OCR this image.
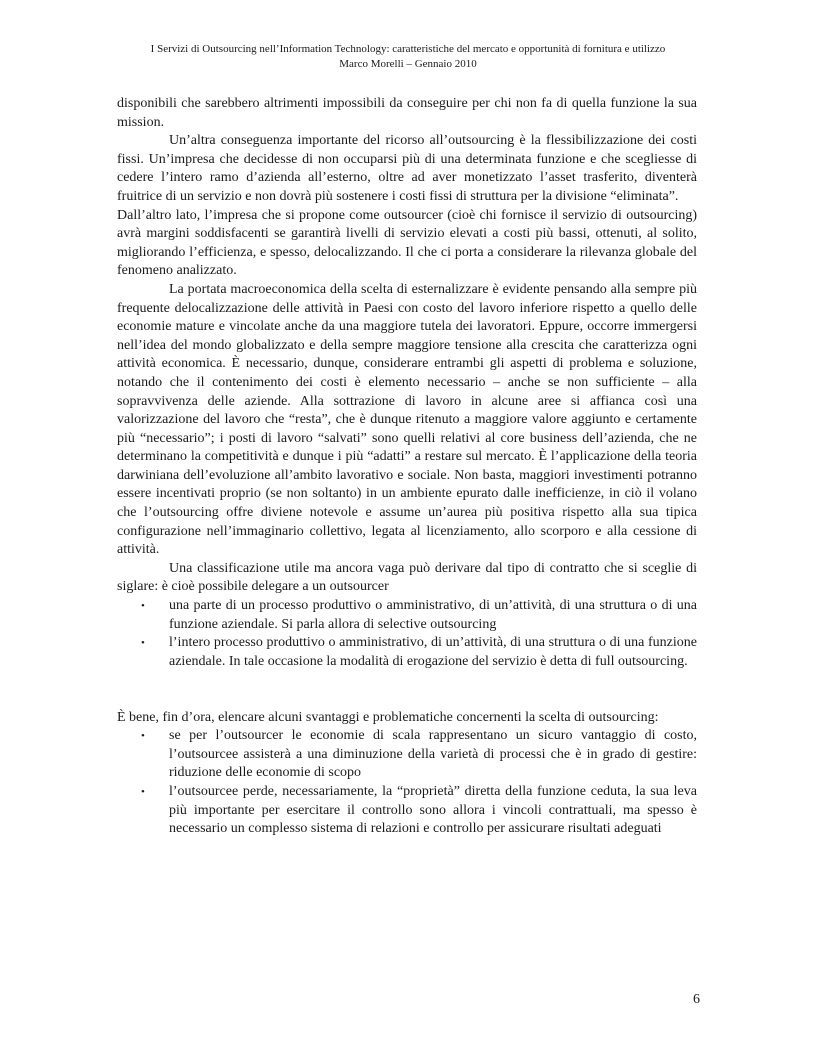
I Servizi di Outsourcing nell’Information Technology: caratteristiche del mercato e opportunità di fornitura e utilizzo
Marco Morelli – Gennaio 2010

disponibili che sarebbero altrimenti impossibili da conseguire per chi non fa di quella funzione la sua mission.

Un’altra conseguenza importante del ricorso all’outsourcing è la flessibilizzazione dei costi fissi. Un’impresa che decidesse di non occuparsi più di una determinata funzione e che scegliesse di cedere l’intero ramo d’azienda all’esterno, oltre ad aver monetizzato l’asset trasferito, diventerà fruitrice di un servizio e non dovrà più sostenere i costi fissi di struttura per la divisione “eliminata”.

Dall’altro lato, l’impresa che si propone come outsourcer (cioè chi fornisce il servizio di outsourcing) avrà margini soddisfacenti se garantirà livelli di servizio elevati a costi più bassi, ottenuti, al solito, migliorando l’efficienza, e spesso, delocalizzando. Il che ci porta a considerare la rilevanza globale del fenomeno analizzato.

La portata macroeconomica della scelta di esternalizzare è evidente pensando alla sempre più frequente delocalizzazione delle attività in Paesi con costo del lavoro inferiore rispetto a quello delle economie mature e vincolate anche da una maggiore tutela dei lavoratori. Eppure, occorre immergersi nell’idea del mondo globalizzato e della sempre maggiore tensione alla crescita che caratterizza ogni attività economica. È necessario, dunque, considerare entrambi gli aspetti di problema e soluzione, notando che il contenimento dei costi è elemento necessario – anche se non sufficiente – alla sopravvivenza delle aziende. Alla sottrazione di lavoro in alcune aree si affianca così una valorizzazione del lavoro che “resta”, che è dunque ritenuto a maggiore valore aggiunto e certamente più “necessario”; i posti di lavoro “salvati” sono quelli relativi al core business dell’azienda, che ne determinano la competitività e dunque i più “adatti” a restare sul mercato. È l’applicazione della teoria darwiniana dell’evoluzione all’ambito lavorativo e sociale. Non basta, maggiori investimenti potranno essere incentivati proprio (se non soltanto) in un ambiente epurato dalle inefficienze, in ciò il volano che l’outsourcing offre diviene notevole e assume un’aurea più positiva rispetto alla sua tipica configurazione nell’immaginario collettivo, legata al licenziamento, allo scorporo e alla cessione di attività.

Una classificazione utile ma ancora vaga può derivare dal tipo di contratto che si sceglie di siglare: è cioè possibile delegare a un outsourcer

• una parte di un processo produttivo o amministrativo, di un’attività, di una struttura o di una funzione aziendale. Si parla allora di selective outsourcing
• l’intero processo produttivo o amministrativo, di un’attività, di una struttura o di una funzione aziendale. In tale occasione la modalità di erogazione del servizio è detta di full outsourcing.

È bene, fin d’ora, elencare alcuni svantaggi e problematiche concernenti la scelta di outsourcing:

• se per l’outsourcer le economie di scala rappresentano un sicuro vantaggio di costo, l’outsourcee assisterà a una diminuzione della varietà di processi che è in grado di gestire: riduzione delle economie di scopo
• l’outsourcee perde, necessariamente, la “proprietà” diretta della funzione ceduta, la sua leva più importante per esercitare il controllo sono allora i vincoli contrattuali, ma spesso è necessario un complesso sistema di relazioni e controllo per assicurare risultati adeguati
6
